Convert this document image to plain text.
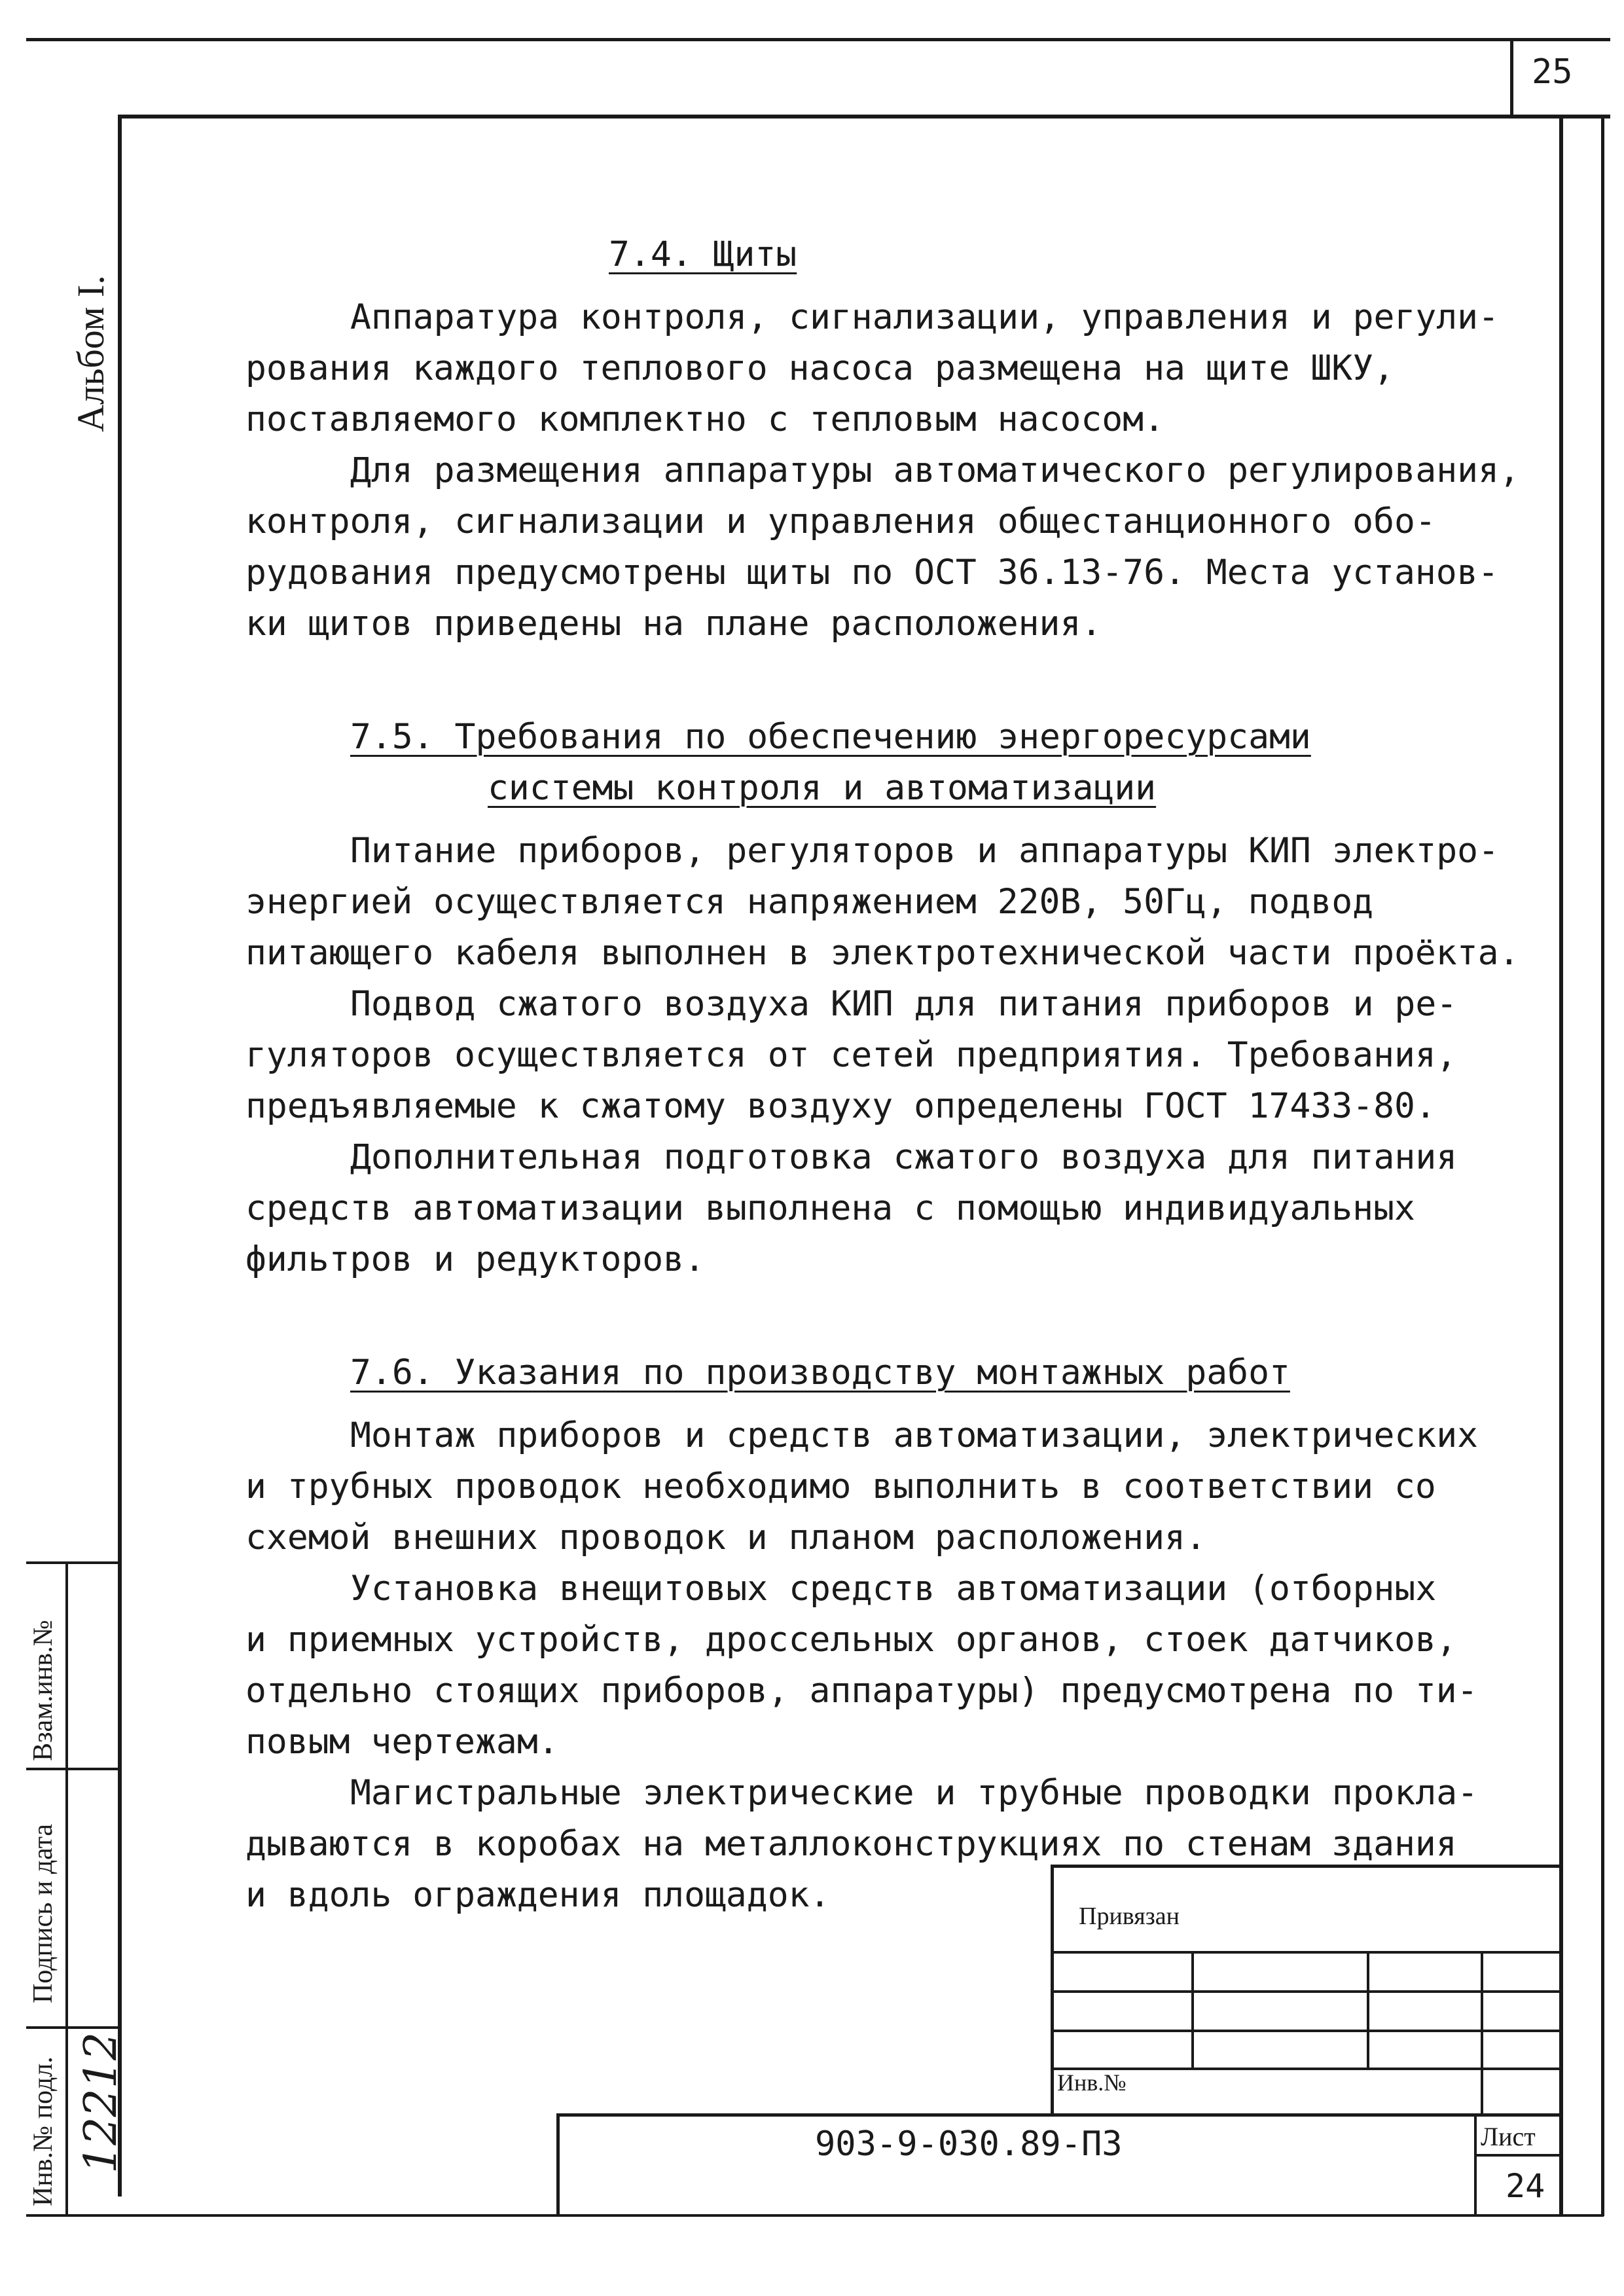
25
Альбом I.
Взам.инв.№
Подпись и дата
Инв.№ подл. 12212

7.4. Щиты

Аппаратура контроля, сигнализации, управления и регули-

рования каждого теплового насоса размещена на щите ШКУ,

поставляемого комплектно с тепловым насосом.

Для размещения аппаратуры автоматического регулирования,

контроля, сигнализации и управления общестанционного обо-

рудования предусмотрены щиты по ОСТ 36.13-76. Места установ-

ки щитов приведены на плане расположения.

7.5. Требования по обеспечению энергоресурсами

системы контроля и автоматизации

Питание приборов, регуляторов и аппаратуры КИП электро-

энергией осуществляется напряжением 220В, 50Гц, подвод

питающего кабеля выполнен в электротехнической части проёкта.

Подвод сжатого воздуха КИП для питания приборов и ре-

гуляторов осуществляется от сетей предприятия. Требования,

предъявляемые к сжатому воздуху определены ГОСТ 17433-80.

Дополнительная подготовка сжатого воздуха для питания

средств автоматизации выполнена с помощью индивидуальных

фильтров и редукторов.

7.6. Указания по производству монтажных работ

Монтаж приборов и средств автоматизации, электрических

и трубных проводок необходимо выполнить в соответствии со

схемой внешних проводок и планом расположения.

Установка внещитовых средств автоматизации (отборных

и приемных устройств, дроссельных органов, стоек датчиков,

отдельно стоящих приборов, аппаратуры) предусмотрена по ти-

повым чертежам.

Магистральные электрические и трубные проводки прокла-

дываются в коробах на металлоконструкциях по стенам здания

и вдоль ограждения площадок.

Привязан
Инв.№
903-9-030.89-ПЗ	Лист
24
